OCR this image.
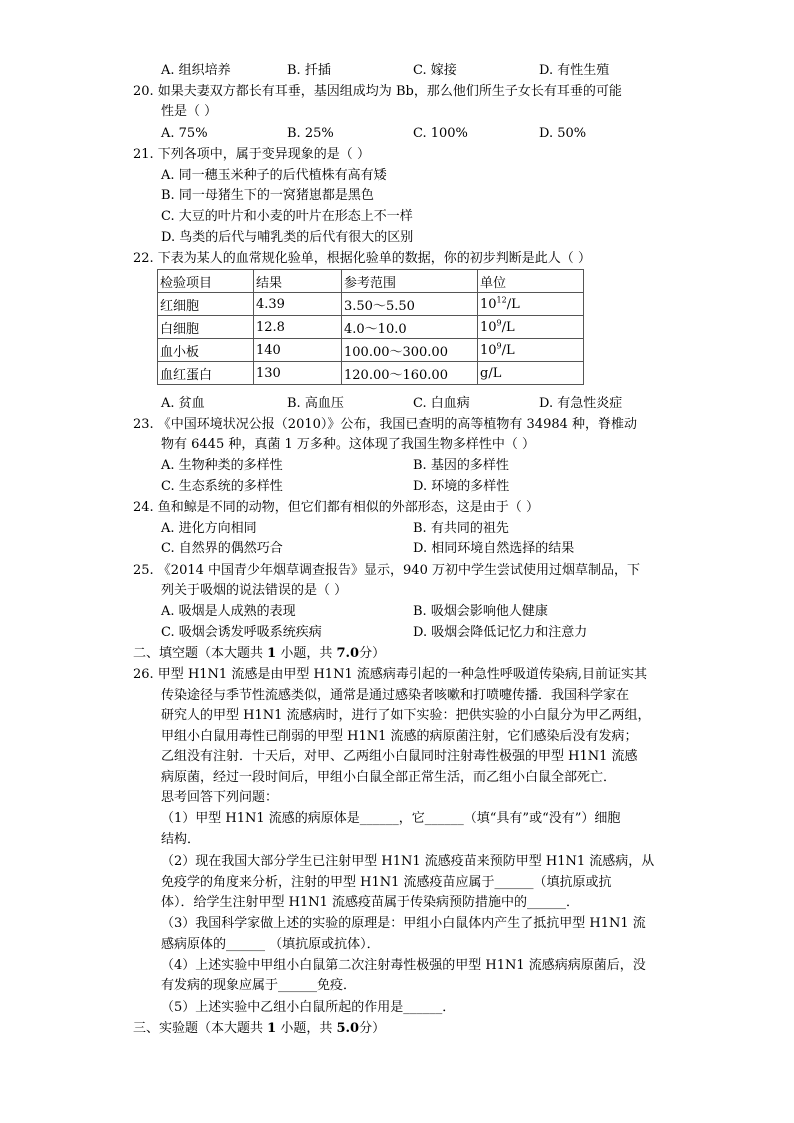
A. 组织培养	B. 扦插	C. 嫁接	D. 有性生殖
20. 如果夫妻双方都长有耳垂，基因组成均为 Bb，那么他们所生子女长有耳垂的可能
性是（ ）
A. 75%	B. 25%	C. 100%	D. 50%
21. 下列各项中，属于变异现象的是（ ）
A. 同一穗玉米种子的后代植株有高有矮
B. 同一母猪生下的一窝猪崽都是黑色
C. 大豆的叶片和小麦的叶片在形态上不一样
D. 鸟类的后代与哺乳类的后代有很大的区别
22. 下表为某人的血常规化验单，根据化验单的数据，你的初步判断是此人（ ）
检验项目	结果	参考范围	单位
红细胞	4.39	3.50～5.50	$10^{12}/L$
白细胞	12.8	4.0～10.0	$10^9/L$
血小板	140	100.00～300.00	$10^9/L$
血红蛋白	130	120.00～160.00	g/L
A. 贫血	B. 高血压	C. 白血病	D. 有急性炎症
23. 《中国环境状况公报（2010）》公布，我国已查明的高等植物有 34984 种，脊椎动
物有 6445 种，真菌 1 万多种。这体现了我国生物多样性中（ ）
A. 生物种类的多样性	B. 基因的多样性
C. 生态系统的多样性	D. 环境的多样性
24. 鱼和鲸是不同的动物，但它们都有相似的外部形态，这是由于（ ）
A. 进化方向相同	B. 有共同的祖先
C. 自然界的偶然巧合	D. 相同环境自然选择的结果
25. 《2014 中国青少年烟草调查报告》显示，940 万初中学生尝试使用过烟草制品，下
列关于吸烟的说法错误的是（ ）
A. 吸烟是人成熟的表现	B. 吸烟会影响他人健康
C. 吸烟会诱发呼吸系统疾病	D. 吸烟会降低记忆力和注意力
二、填空题（本大题共 1 小题，共 7.0分）
26. 甲型 H1N1 流感是由甲型 H1N1 流感病毒引起的一种急性呼吸道传染病,目前证实其
传染途径与季节性流感类似，通常是通过感染者咳嗽和打喷嚏传播．我国科学家在
研究人的甲型 H1N1 流感病时，进行了如下实验：把供实验的小白鼠分为甲乙两组，
甲组小白鼠用毒性已削弱的甲型 H1N1 流感的病原菌注射，它们感染后没有发病；
乙组没有注射．十天后，对甲、乙两组小白鼠同时注射毒性极强的甲型 H1N1 流感
病原菌，经过一段时间后，甲组小白鼠全部正常生活，而乙组小白鼠全部死亡．
思考回答下列问题：
（1）甲型 H1N1 流感的病原体是______，它______（填“具有”或“没有”）细胞
结构．
（2）现在我国大部分学生已注射甲型 H1N1 流感疫苗来预防甲型 H1N1 流感病，从
免疫学的角度来分析，注射的甲型 H1N1 流感疫苗应属于______（填抗原或抗
体）．给学生注射甲型 H1N1 流感疫苗属于传染病预防措施中的______．
（3）我国科学家做上述的实验的原理是：甲组小白鼠体内产生了抵抗甲型 H1N1 流
感病原体的______ （填抗原或抗体）．
（4）上述实验中甲组小白鼠第二次注射毒性极强的甲型 H1N1 流感病病原菌后，没
有发病的现象应属于______免疫．
（5）上述实验中乙组小白鼠所起的作用是______．
三、实验题（本大题共 1 小题，共 5.0分）
